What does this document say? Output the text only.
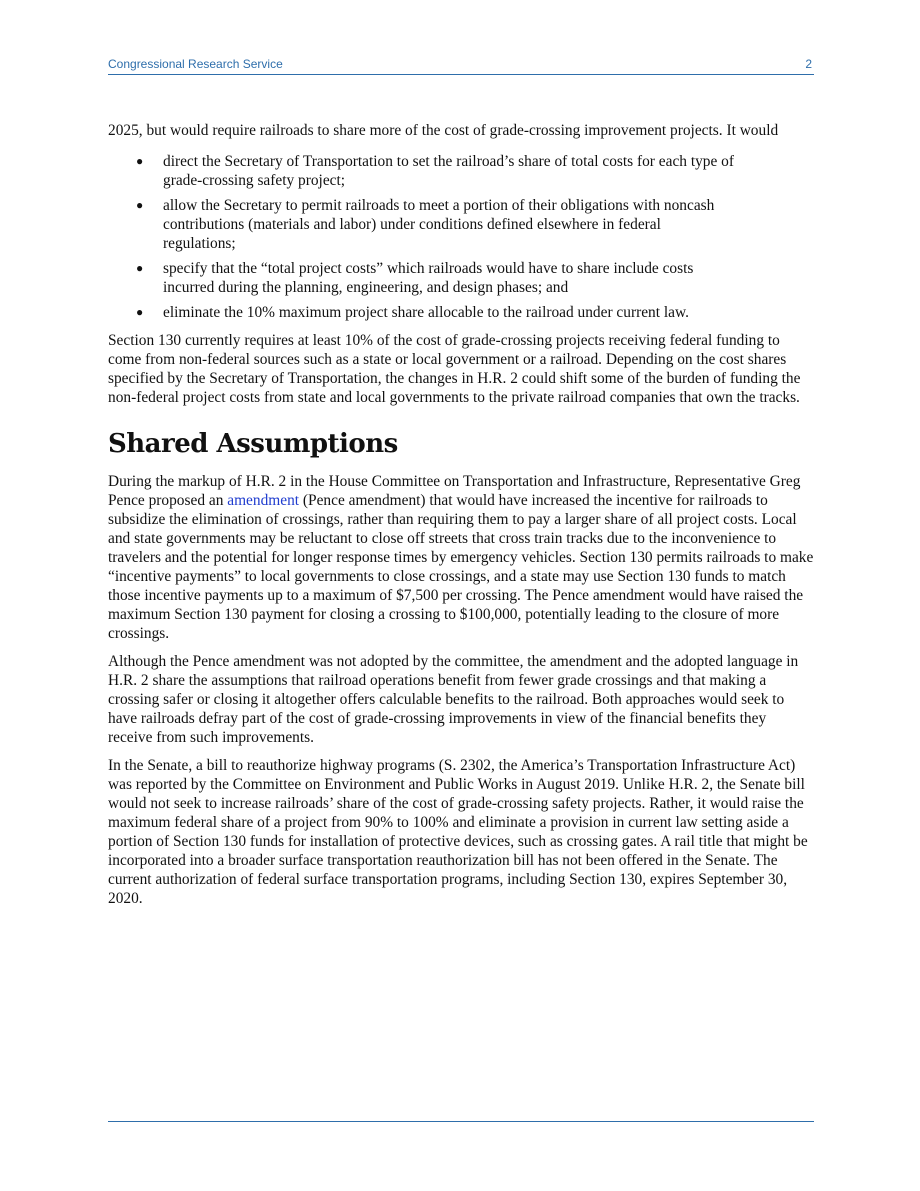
Congressional Research Service	2

2025, but would require railroads to share more of the cost of grade-crossing improvement projects. It would

● direct the Secretary of Transportation to set the railroad’s share of total costs for each type of grade-crossing safety project;
● allow the Secretary to permit railroads to meet a portion of their obligations with noncash contributions (materials and labor) under conditions defined elsewhere in federal regulations;
● specify that the “total project costs” which railroads would have to share include costs incurred during the planning, engineering, and design phases; and
● eliminate the 10% maximum project share allocable to the railroad under current law.

Section 130 currently requires at least 10% of the cost of grade-crossing projects receiving federal funding to come from non-federal sources such as a state or local government or a railroad. Depending on the cost shares specified by the Secretary of Transportation, the changes in H.R. 2 could shift some of the burden of funding the non-federal project costs from state and local governments to the private railroad companies that own the tracks.

Shared Assumptions

During the markup of H.R. 2 in the House Committee on Transportation and Infrastructure, Representative Greg Pence proposed an amendment (Pence amendment) that would have increased the incentive for railroads to subsidize the elimination of crossings, rather than requiring them to pay a larger share of all project costs. Local and state governments may be reluctant to close off streets that cross train tracks due to the inconvenience to travelers and the potential for longer response times by emergency vehicles. Section 130 permits railroads to make “incentive payments” to local governments to close crossings, and a state may use Section 130 funds to match those incentive payments up to a maximum of $7,500 per crossing. The Pence amendment would have raised the maximum Section 130 payment for closing a crossing to $100,000, potentially leading to the closure of more crossings.

Although the Pence amendment was not adopted by the committee, the amendment and the adopted language in H.R. 2 share the assumptions that railroad operations benefit from fewer grade crossings and that making a crossing safer or closing it altogether offers calculable benefits to the railroad. Both approaches would seek to have railroads defray part of the cost of grade-crossing improvements in view of the financial benefits they receive from such improvements.

In the Senate, a bill to reauthorize highway programs (S. 2302, the America’s Transportation Infrastructure Act) was reported by the Committee on Environment and Public Works in August 2019. Unlike H.R. 2, the Senate bill would not seek to increase railroads’ share of the cost of grade-crossing safety projects. Rather, it would raise the maximum federal share of a project from 90% to 100% and eliminate a provision in current law setting aside a portion of Section 130 funds for installation of protective devices, such as crossing gates. A rail title that might be incorporated into a broader surface transportation reauthorization bill has not been offered in the Senate. The current authorization of federal surface transportation programs, including Section 130, expires September 30, 2020.
